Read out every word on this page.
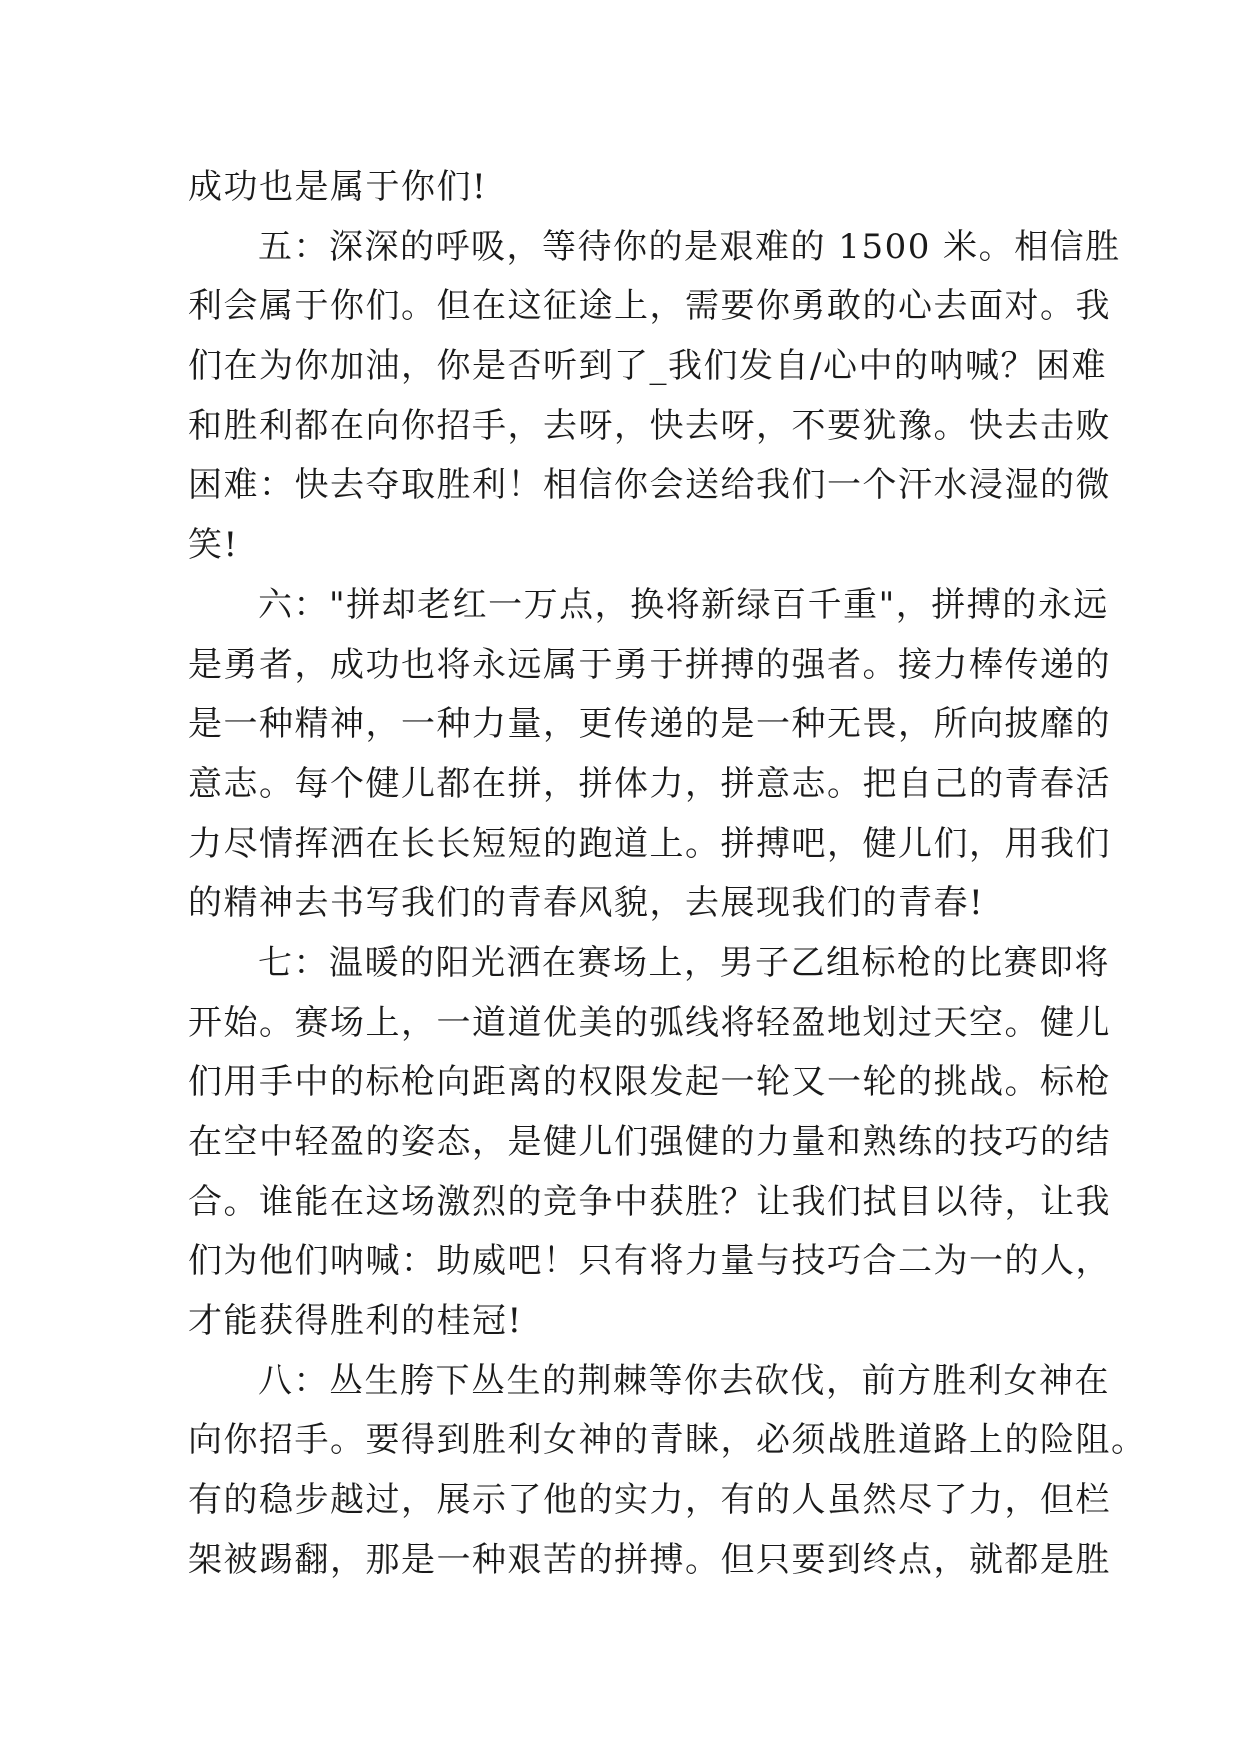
成功也是属于你们!
五：深深的呼吸，等待你的是艰难的 1500 米。相信胜
利会属于你们。但在这征途上，需要你勇敢的心去面对。我
们在为你加油，你是否听到了_我们发自/心中的呐喊？困难
和胜利都在向你招手，去呀，快去呀，不要犹豫。快去击败
困难：快去夺取胜利！相信你会送给我们一个汗水浸湿的微
笑!
六："拼却老红一万点，换将新绿百千重"，拼搏的永远
是勇者，成功也将永远属于勇于拼搏的强者。接力棒传递的
是一种精神，一种力量，更传递的是一种无畏，所向披靡的
意志。每个健儿都在拼，拼体力，拼意志。把自己的青春活
力尽情挥洒在长长短短的跑道上。拼搏吧，健儿们，用我们
的精神去书写我们的青春风貌，去展现我们的青春!
七：温暖的阳光洒在赛场上，男子乙组标枪的比赛即将
开始。赛场上，一道道优美的弧线将轻盈地划过天空。健儿
们用手中的标枪向距离的权限发起一轮又一轮的挑战。标枪
在空中轻盈的姿态，是健儿们强健的力量和熟练的技巧的结
合。谁能在这场激烈的竞争中获胜？让我们拭目以待，让我
们为他们呐喊：助威吧！只有将力量与技巧合二为一的人，
才能获得胜利的桂冠!
八：丛生胯下丛生的荆棘等你去砍伐，前方胜利女神在
向你招手。要得到胜利女神的青睐，必须战胜道路上的险阻。
有的稳步越过，展示了他的实力，有的人虽然尽了力，但栏
架被踢翻，那是一种艰苦的拼搏。但只要到终点，就都是胜
